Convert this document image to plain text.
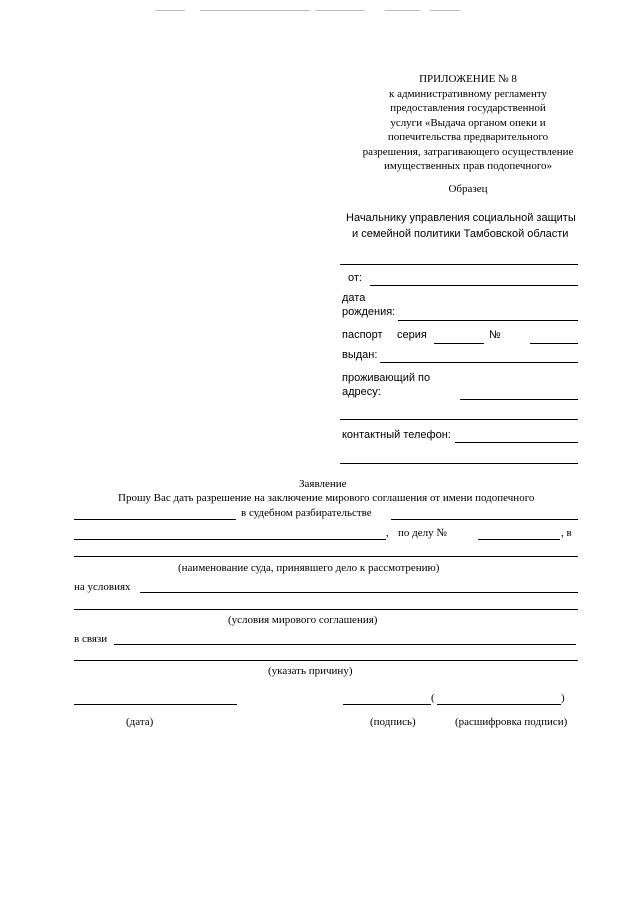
ПРИЛОЖЕНИЕ № 8
к административному регламенту
предоставления государственной
услуги «Выдача органом опеки и
попечительства предварительного
разрешения, затрагивающего осуществление
имущественных прав подопечного»
Образец
Начальнику управления социальной защиты
и семейной политики Тамбовской области
от:
дата
рождения:
паспорт серия	№
выдан:
проживающий по
адресу:
контактный телефон:
Заявление
Прошу Вас дать разрешение на заключение мирового соглашения от имени подопечного
в судебном разбирательстве
, по делу №	, в
(наименование суда, принявшего дело к рассмотрению)
на условиях
(условия мирового соглашения)
в связи
(указать причину)
(	)
(дата)	(подпись)	(расшифровка подписи)
